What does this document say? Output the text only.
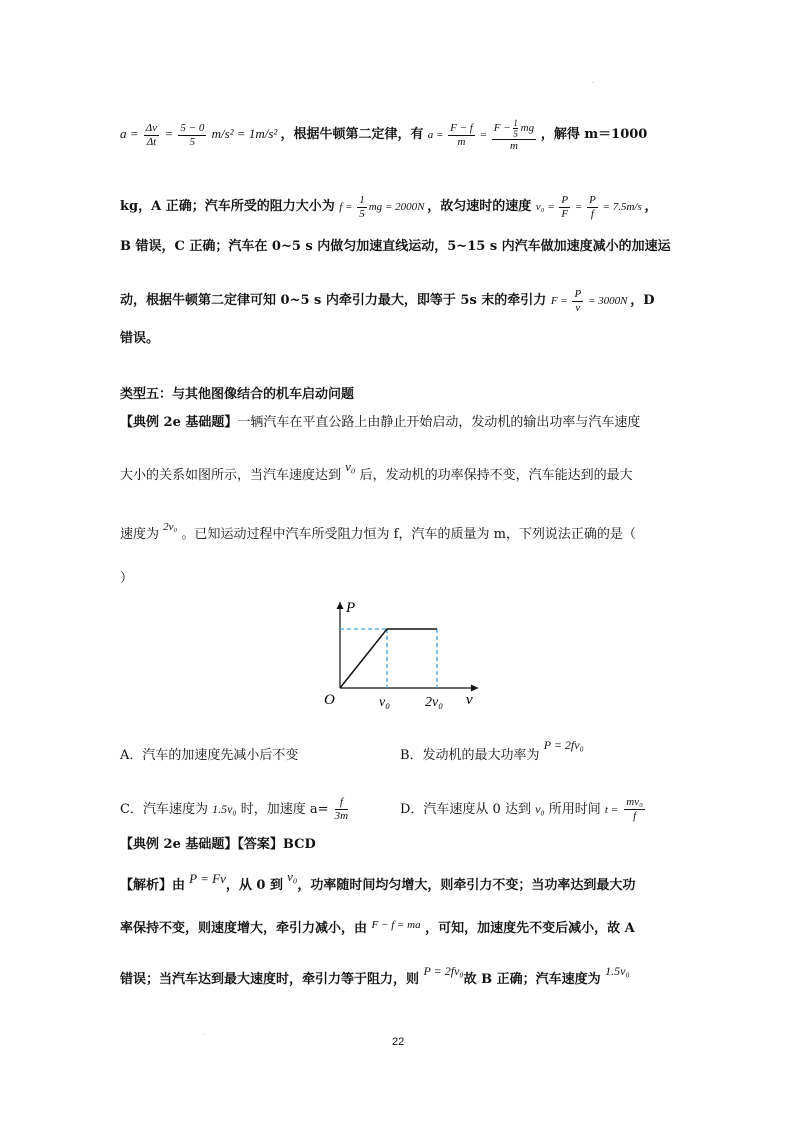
.
$a = \frac{\Delta v}{\Delta t} = \frac{5 - 0}{5} m/s^2 = 1m/s^2$ ，根据牛顿第二定律，有 $a = \frac{F - f}{m} = \frac{F - \frac{1}{5} mg}{m}$ ，解得 m＝1000
kg，A 正确；汽车所受的阻力大小为 $f = \frac{1}{5}$ mg = 2000N ，故匀速时的速度 $v_0 = \frac{P}{F} = \frac{P}{f} = 7.5m/s$ ，
B 错误，C 正确；汽车在 0~5 s 内做匀加速直线运动，5~15 s 内汽车做加速度减小的加速运
动，根据牛顿第二定律可知 0~5 s 内牵引力最大，即等于 5s 末的牵引力 $F = \frac{P}{v} = 3000N$ ，D
错误。
类型五：与其他图像结合的机车启动问题
【典例 2e 基础题】一辆汽车在平直公路上由静止开始启动，发动机的输出功率与汽车速度
大小的关系如图所示，当汽车速度达到 v₀ 后，发动机的功率保持不变，汽车能达到的最大
速度为 $^{2v_0}$ 。已知运动过程中汽车所受阻力恒为 f，汽车的质量为 m，下列说法正确的是（
）
P
v
O	v₀ 2v₀
A．汽车的加速度先减小后不变	B．发动机的最大功率为 P = 2fv₀
C．汽车速度为 1.5v₀ 时，加速度 $a= \frac{f}{3m}$	D．汽车速度从 0 达到 v₀ 所用时间 $t = \frac{\text{mv₀}}{f}$
【典例 2e 基础题】【答案】BCD
【解析】由 P = Fv，从 0 到 v₀，功率随时间均匀增大，则牵引力不变；当功率达到最大功
率保持不变，则速度增大，牵引力减小，由 $^{F - f = ma}$ ，可知，加速度先不变后减小，故 A
错误；当汽车达到最大速度时，牵引力等于阻力，则 P = 2fv₀故 B 正确；汽车速度为 1.5v₀
22
.
